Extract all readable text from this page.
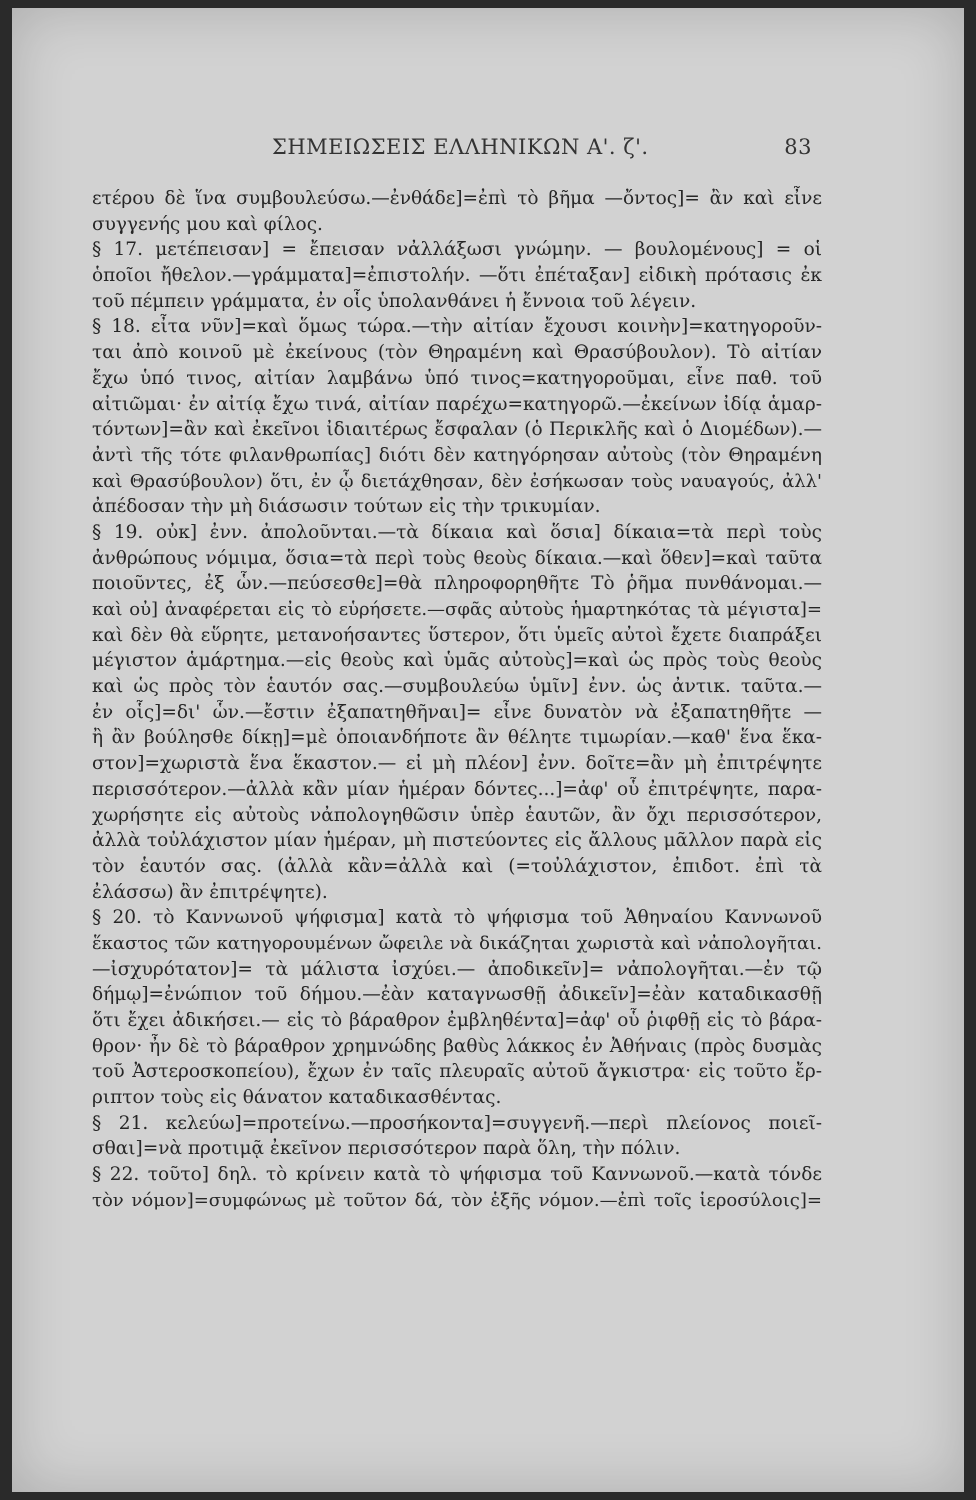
ΣΗΜΕΙΩΣΕΙΣ ΕΛΛΗΝΙΚΩΝ Α'. ζ'.	83
ετέρου δὲ ἵνα συμβουλεύσω.—ἐνθάδε]=ἐπὶ τὸ βῆμα —ὄντος]= ἂν καὶ εἶνε
συγγενής μου καὶ φίλος.
§ 17. μετέπεισαν] = ἔπεισαν νἀλλάξωσι γνώμην. — βουλομένους] = οἱ
ὁποῖοι ἤθελον.—γράμματα]=ἐπιστολήν. —ὅτι ἐπέταξαν] εἰδικὴ πρότασις ἐκ
τοῦ πέμπειν γράμματα, ἐν οἷς ὑπολανθάνει ἡ ἔννοια τοῦ λέγειν.
§ 18. εἶτα νῦν]=καὶ ὅμως τώρα.—τὴν αἰτίαν ἔχουσι κοινὴν]=κατηγοροῦν-
ται ἀπὸ κοινοῦ μὲ ἐκείνους (τὸν Θηραμένη καὶ Θρασύβουλον). Τὸ αἰτίαν
ἔχω ὑπό τινος, αἰτίαν λαμβάνω ὑπό τινος=κατηγοροῦμαι, εἶνε παθ. τοῦ
αἰτιῶμαι· ἐν αἰτίᾳ ἔχω τινά, αἰτίαν παρέχω=κατηγορῶ.—ἐκείνων ἰδίᾳ ἁμαρ-
τόντων]=ἂν καὶ ἐκεῖνοι ἰδιαιτέρως ἔσφαλαν (ὁ Περικλῆς καὶ ὁ Διομέδων).—
ἀντὶ τῆς τότε φιλανθρωπίας] διότι δὲν κατηγόρησαν αὐτοὺς (τὸν Θηραμένη
καὶ Θρασύβουλον) ὅτι, ἐν ᾧ διετάχθησαν, δὲν ἐσήκωσαν τοὺς ναυαγούς, ἀλλ'
ἀπέδοσαν τὴν μὴ διάσωσιν τούτων εἰς τὴν τρικυμίαν.
§ 19. οὐκ] ἐνν. ἀπολοῦνται.—τὰ δίκαια καὶ ὅσια] δίκαια=τὰ περὶ τοὺς
ἀνθρώπους νόμιμα, ὅσια=τὰ περὶ τοὺς θεοὺς δίκαια.—καὶ ὅθεν]=καὶ ταῦτα
ποιοῦντες, ἐξ ὧν.—πεύσεσθε]=θὰ πληροφορηθῆτε Τὸ ῥῆμα πυνθάνομαι.—
καὶ οὐ] ἀναφέρεται εἰς τὸ εὑρήσετε.—σφᾶς αὐτοὺς ἡμαρτηκότας τὰ μέγιστα]=
καὶ δὲν θὰ εὕρητε, μετανοήσαντες ὕστερον, ὅτι ὑμεῖς αὐτοὶ ἔχετε διαπράξει
μέγιστον ἁμάρτημα.—εἰς θεοὺς καὶ ὑμᾶς αὐτοὺς]=καὶ ὡς πρὸς τοὺς θεοὺς
καὶ ὡς πρὸς τὸν ἑαυτόν σας.—συμβουλεύω ὑμῖν] ἐνν. ὡς ἀντικ. ταῦτα.—
ἐν οἷς]=δι' ὧν.—ἔστιν ἐξαπατηθῆναι]= εἶνε δυνατὸν νὰ ἐξαπατηθῆτε —
ἢ ἂν βούλησθε δίκῃ]=μὲ ὁποιανδήποτε ἂν θέλητε τιμωρίαν.—καθ' ἕνα ἕκα-
στον]=χωριστὰ ἕνα ἕκαστον.— εἰ μὴ πλέον] ἐνν. δοῖτε=ἂν μὴ ἐπιτρέψητε
περισσότερον.—ἀλλὰ κἂν μίαν ἡμέραν δόντες...]=ἀφ' οὗ ἐπιτρέψητε, παρα-
χωρήσητε εἰς αὐτοὺς νἀπολογηθῶσιν ὑπὲρ ἑαυτῶν, ἂν ὄχι περισσότερον,
ἀλλὰ τοὐλάχιστον μίαν ἡμέραν, μὴ πιστεύοντες εἰς ἄλλους μᾶλλον παρὰ εἰς
τὸν ἑαυτόν σας. (ἀλλὰ κἂν=ἀλλὰ καὶ (=τοὐλάχιστον, ἐπιδοτ. ἐπὶ τὰ
ἐλάσσω) ἂν ἐπιτρέψητε).
§ 20. τὸ Καννωνοῦ ψήφισμα] κατὰ τὸ ψήφισμα τοῦ Ἀθηναίου Καννωνοῦ
ἕκαστος τῶν κατηγορουμένων ὤφειλε νὰ δικάζηται χωριστὰ καὶ νἀπολογῆται.
—ἰσχυρότατον]= τὰ μάλιστα ἰσχύει.— ἀποδικεῖν]= νἀπολογῆται.—ἐν τῷ
δήμῳ]=ἐνώπιον τοῦ δήμου.—ἐὰν καταγνωσθῇ ἀδικεῖν]=ἐὰν καταδικασθῇ
ὅτι ἔχει ἀδικήσει.— εἰς τὸ βάραθρον ἐμβληθέντα]=ἀφ' οὗ ῥιφθῇ εἰς τὸ βάρα-
θρον· ἦν δὲ τὸ βάραθρον χρημνώδης βαθὺς λάκκος ἐν Ἀθήναις (πρὸς δυσμὰς
τοῦ Ἀστεροσκοπείου), ἔχων ἐν ταῖς πλευραῖς αὐτοῦ ἄγκιστρα· εἰς τοῦτο ἔρ-
ριπτον τοὺς εἰς θάνατον καταδικασθέντας.
§ 21. κελεύω]=προτείνω.—προσήκοντα]=συγγενῆ.—περὶ πλείονος ποιεῖ-
σθαι]=νὰ προτιμᾷ ἐκεῖνον περισσότερον παρὰ ὅλη, τὴν πόλιν.
§ 22. τοῦτο] δηλ. τὸ κρίνειν κατὰ τὸ ψήφισμα τοῦ Καννωνοῦ.—κατὰ τόνδε
τὸν νόμον]=συμφώνως μὲ τοῦτον δά, τὸν ἑξῆς νόμον.—ἐπὶ τοῖς ἱεροσύλοις]=
